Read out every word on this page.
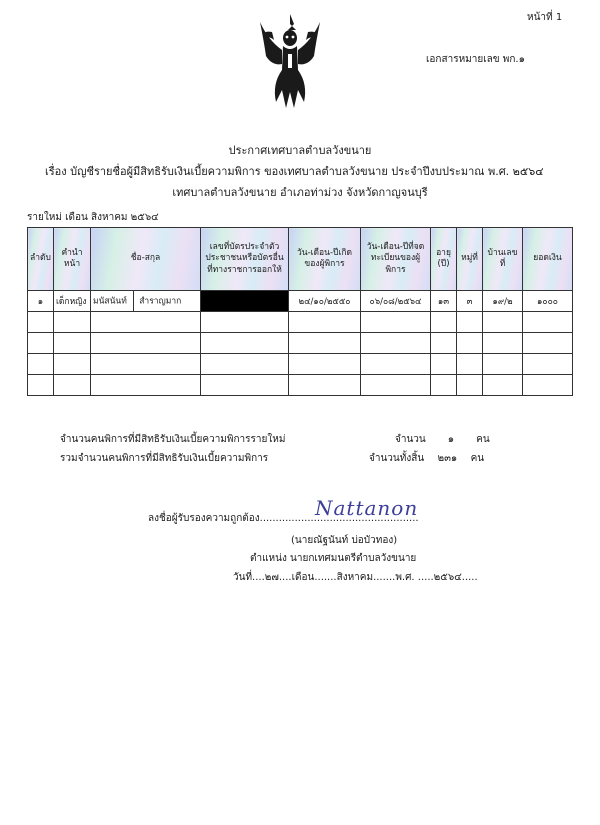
หน้าที่ 1
เอกสารหมายเลข พก.๑
ประกาศเทศบาลตำบลวังขนาย
เรื่อง บัญชีรายชื่อผู้มีสิทธิรับเงินเบี้ยความพิการ ของเทศบาลตำบลวังขนาย ประจำปีงบประมาณ พ.ศ. ๒๕๖๔
เทศบาลตำบลวังขนาย อำเภอท่าม่วง จังหวัดกาญจนบุรี
รายใหม่ เดือน สิงหาคม ๒๕๖๔
ลำดับ	คำนำหน้า	ชื่อ-สกุล	เลขที่บัตรประจำตัวประชาชนหรือบัตรอื่นที่ทางราชการออกให้	วัน-เดือน-ปีเกิดของผู้พิการ	วัน-เดือน-ปีที่จดทะเบียนของผู้พิการ	อายุ (ปี)	หมู่ที่	บ้านเลขที่	ยอดเงิน
๑	เด็กหญิง	มนัสนันท์ สำราญมาก		๒๔/๑๐/๒๕๕๐	๐๖/๐๘/๒๕๖๔	๑๓	๓	๑๙/๒	๑๐๐๐

จำนวนคนพิการที่มีสิทธิรับเงินเบี้ยความพิการรายใหม่	จำนวน ๑ คน
รวมจำนวนคนพิการที่มีสิทธิรับเงินเบี้ยความพิการ	จำนวนทั้งสิ้น ๒๓๑ คน
ลงชื่อผู้รับรองความถูกต้อง..................................................
Nattanon
(นายณัฐนันท์ บ่อบัวทอง)
ตำแหน่ง นายกเทศมนตรีตำบลวังขนาย
วันที่....๒๗....เดือน.......สิงหาคม.......พ.ศ. .....๒๕๖๔.....
